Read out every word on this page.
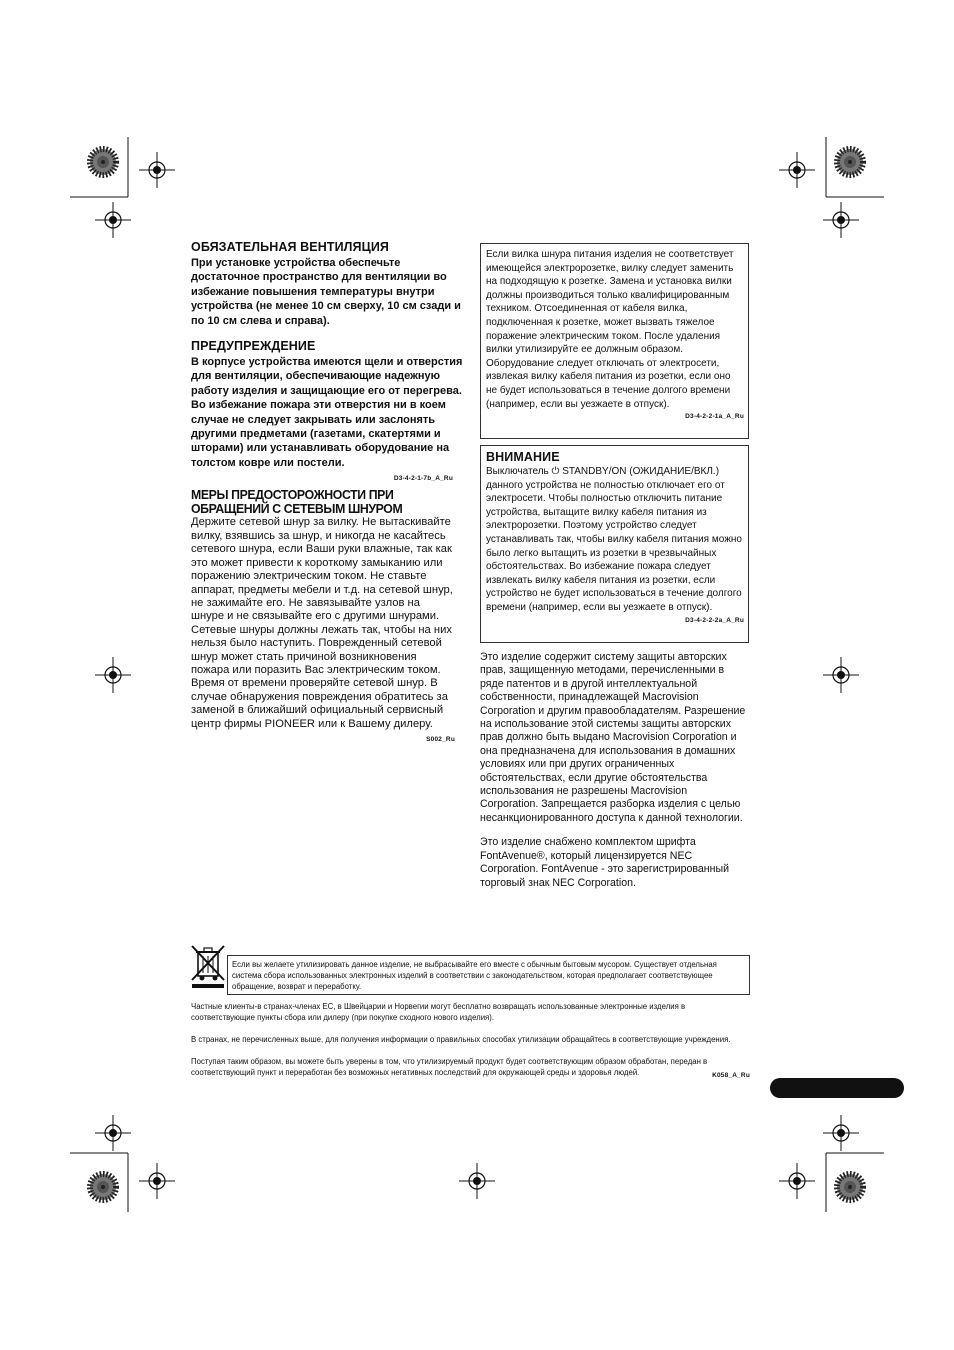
ОБЯЗАТЕЛЬНАЯ ВЕНТИЛЯЦИЯ

При установке устройства обеспечьте достаточное пространство для вентиляции во избежание повышения температуры внутри устройства (не менее 10 см сверху, 10 см сзади и по 10 см слева и справа).

ПРЕДУПРЕЖДЕНИЕ

В корпусе устройства имеются щели и отверстия для вентиляции, обеспечивающие надежную работу изделия и защищающие его от перегрева. Во избежание пожара эти отверстия ни в коем случае не следует закрывать или заслонять другими предметами (газетами, скатертями и шторами) или устанавливать оборудование на толстом ковре или постели.

D3-4-2-1-7b_A_Ru

МЕРЫ ПРЕДОСТОРОЖНОСТИ ПРИ ОБРАЩЕНИЙ С СЕТЕВЫМ ШНУРОМ

Держите сетевой шнур за вилку. Не вытаскивайте вилку, взявшись за шнур, и никогда не касайтесь сетевого шнура, если Ваши руки влажные, так как это может привести к короткому замыканию или поражению электрическим током. Не ставьте аппарат, предметы мебели и т.д. на сетевой шнур, не зажимайте его. Не завязывайте узлов на шнуре и не связывайте его с другими шнурами. Сетевые шнуры должны лежать так, чтобы на них нельзя было наступить. Поврежденный сетевой шнур может стать причиной возникновения пожара или поразить Вас электрическим током. Время от времени проверяйте сетевой шнур. В случае обнаружения повреждения обратитесь за заменой в ближайший официальный сервисный центр фирмы PIONEER или к Вашему дилеру.

S002_Ru

Если вилка шнура питания изделия не соответствует имеющейся электророзетке, вилку следует заменить на подходящую к розетке. Замена и установка вилки должны производиться только квалифицированным техником. Отсоединенная от кабеля вилка, подключенная к розетке, может вызвать тяжелое поражение электрическим током. После удаления вилки утилизируйте ее должным образом. Оборудование следует отключать от электросети, извлекая вилку кабеля питания из розетки, если оно не будет использоваться в течение долгого времени (например, если вы уезжаете в отпуск).

D3-4-2-2-1a_A_Ru

ВНИМАНИЕ

Выключатель ⏻ STANDBY/ON (ОЖИДАНИЕ/ВКЛ.) данного устройства не полностью отключает его от электросети. Чтобы полностью отключить питание устройства, вытащите вилку кабеля питания из электророзетки. Поэтому устройство следует устанавливать так, чтобы вилку кабеля питания можно было легко вытащить из розетки в чрезвычайных обстоятельствах. Во избежание пожара следует извлекать вилку кабеля питания из розетки, если устройство не будет использоваться в течение долгого времени (например, если вы уезжаете в отпуск).

D3-4-2-2-2a_A_Ru

Это изделие содержит систему защиты авторских прав, защищенную методами, перечисленными в ряде патентов и в другой интеллектуальной собственности, принадлежащей Macrovision Corporation и другим правообладателям. Разрешение на использование этой системы защиты авторских прав должно быть выдано Macrovision Corporation и она предназначена для использования в домашних условиях или при других ограниченных обстоятельствах, если другие обстоятельства использования не разрешены Macrovision Corporation. Запрещается разборка изделия с целью несанкционированного доступа к данной технологии.

Это изделие снабжено комплектом шрифта FontAvenue®, который лицензируется NEC Corporation. FontAvenue - это зарегистрированный торговый знак NEC Corporation.

Если вы желаете утилизировать данное изделие, не выбрасывайте его вместе с обычным бытовым мусором. Существует отдельная система сбора использованных электронных изделий в соответствии с законодательством, которая предполагает соответствующее обращение, возврат и переработку.

Частные клиенты-в странах-членах ЕС, в Швейцарии и Норвегии могут бесплатно возвращать использованные электронные изделия в соответствующие пункты сбора или дилеру (при покупке сходного нового изделия).

В странах, не перечисленных выше, для получения информации о правильных способах утилизации обращайтесь в соответствующие учреждения.

Поступая таким образом, вы можете быть уверены в том, что утилизируемый продукт будет соответствующим образом обработан, передан в соответствующий пункт и переработан без возможных негативных последствий для окружающей среды и здоровья людей.	K058_A_Ru
